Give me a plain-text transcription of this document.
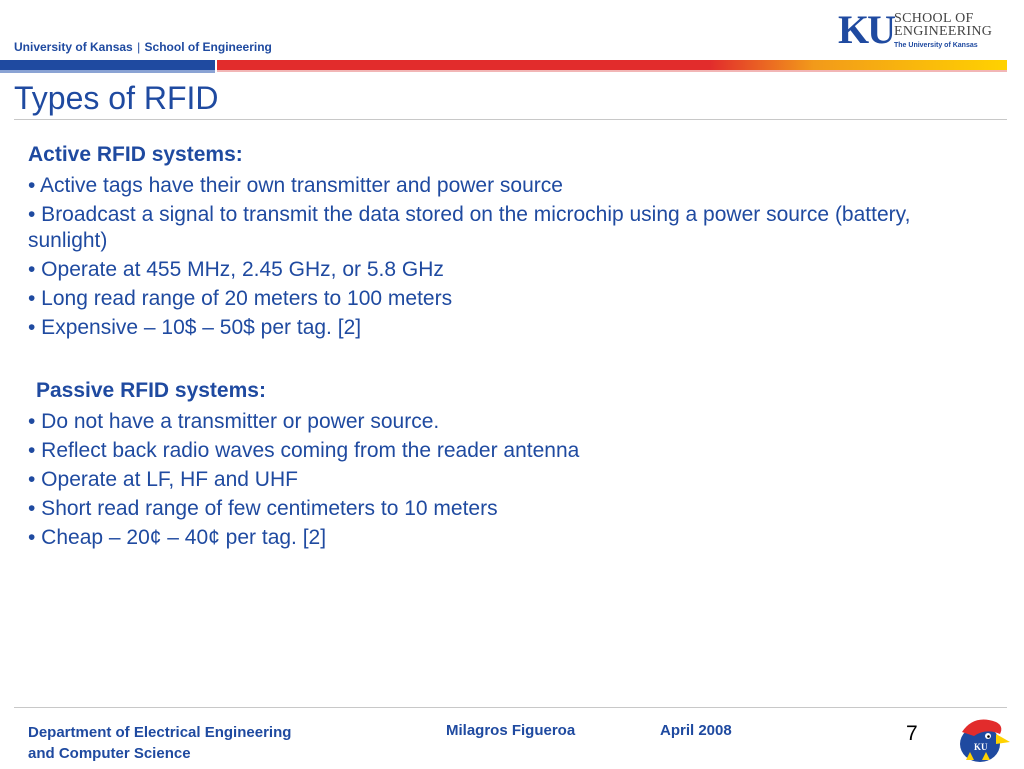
University of Kansas | School of Engineering	KU SCHOOL OF
ENGINEERING
The University of Kansas
Types of RFID
Active RFID systems:
• Active tags have their own transmitter and power source
• Broadcast a signal to transmit the data stored on the microchip using a power source (battery, sunlight)
• Operate at 455 MHz, 2.45 GHz, or 5.8 GHz
• Long read range of 20 meters to 100 meters
• Expensive – 10$ – 50$ per tag. [2]
Passive RFID systems:
• Do not have a transmitter or power source.
• Reflect back radio waves coming from the reader antenna
• Operate at LF, HF and UHF
• Short read range of few centimeters to 10 meters
• Cheap – 20¢ – 40¢ per tag. [2]
Department of Electrical Engineering
and Computer Science
Milagros Figueroa	April 2008	7
KU
